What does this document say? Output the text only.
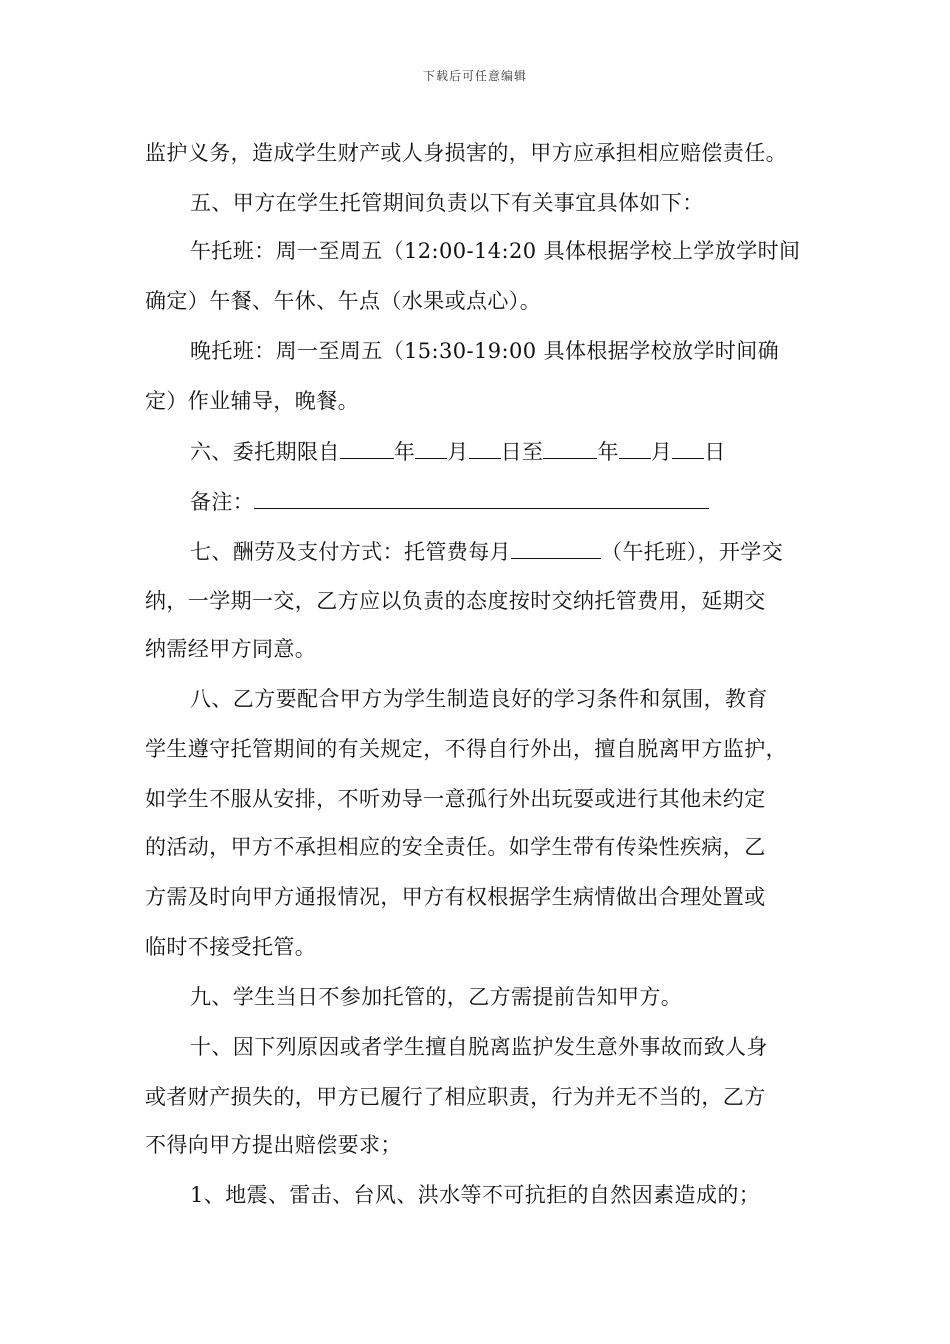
下载后可任意编辑
监护义务，造成学生财产或人身损害的，甲方应承担相应赔偿责任。
五、甲方在学生托管期间负责以下有关事宜具体如下：
午托班：周一至周五（12:00-14:20 具体根据学校上学放学时间
确定）午餐、午休、午点（水果或点心）。
晚托班：周一至周五（15:30-19:00 具体根据学校放学时间确
定）作业辅导，晚餐。
六、委托期限自	年 月 日至	年 月 日
备注：
七、酬劳及支付方式：托管费每月	（午托班），开学交
纳，一学期一交，乙方应以负责的态度按时交纳托管费用，延期交
纳需经甲方同意。
八、乙方要配合甲方为学生制造良好的学习条件和氛围，教育
学生遵守托管期间的有关规定，不得自行外出，擅自脱离甲方监护，
如学生不服从安排，不听劝导一意孤行外出玩耍或进行其他未约定
的活动，甲方不承担相应的安全责任。如学生带有传染性疾病，乙
方需及时向甲方通报情况，甲方有权根据学生病情做出合理处置或
临时不接受托管。
九、学生当日不参加托管的，乙方需提前告知甲方。
十、因下列原因或者学生擅自脱离监护发生意外事故而致人身
或者财产损失的，甲方已履行了相应职责，行为并无不当的，乙方
不得向甲方提出赔偿要求；
1、地震、雷击、台风、洪水等不可抗拒的自然因素造成的；
